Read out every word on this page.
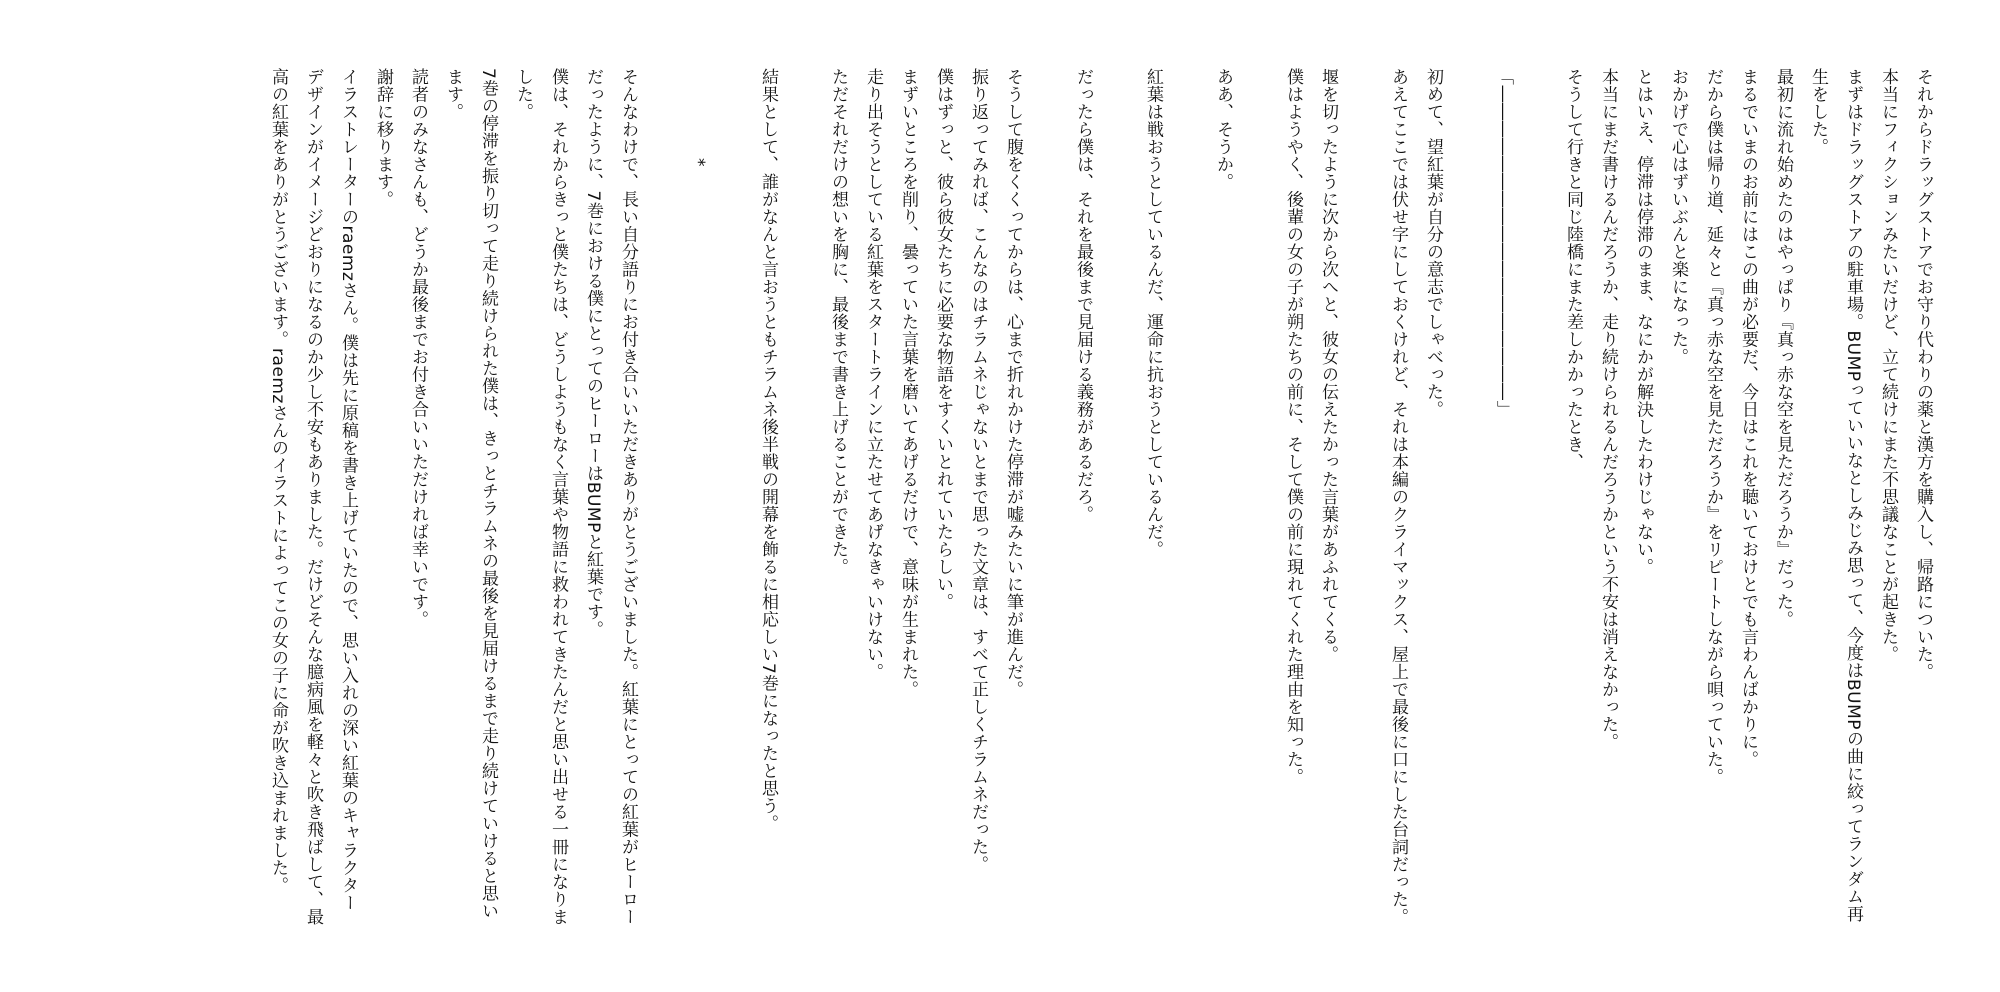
それからドラッグストアでお守り代わりの薬と漢方を購入し、帰路についた。

本当にフィクションみたいだけど、立て続けにまた不思議なことが起きた。

まずはドラッグストアの駐車場。BUMPっていいなとしみじみ思って、今度はBUMPの曲に絞ってランダム再生をした。

最初に流れ始めたのはやっぱり『真っ赤な空を見ただろうか』だった。

まるでいまのお前にはこの曲が必要だ、今日はこれを聴いておけとでも言わんばかりに。

だから僕は帰り道、延々と『真っ赤な空を見ただろうか』をリピートしながら唄っていた。

おかげで心はずいぶんと楽になった。

とはいえ、停滞は停滞のまま、なにかが解決したわけじゃない。

本当にまだ書けるんだろうか、走り続けられるんだろうかという不安は消えなかった。

そうして行きと同じ陸橋にまた差しかかったとき、

「――――――――――――――――――」

初めて、望紅葉が自分の意志でしゃべった。

あえてここでは伏せ字にしておくけれど、それは本編のクライマックス、屋上で最後に口にした台詞だった。

堰を切ったように次から次へと、彼女の伝えたかった言葉があふれてくる。

僕はようやく、後輩の女の子が朔たちの前に、そして僕の前に現れてくれた理由を知った。

ああ、そうか。

紅葉は戦おうとしているんだ、運命に抗おうとしているんだ。

だったら僕は、それを最後まで見届ける義務があるだろ。

そうして腹をくくってからは、心まで折れかけた停滞が嘘みたいに筆が進んだ。

振り返ってみれば、こんなのはチラムネじゃないとまで思った文章は、すべて正しくチラムネだった。

僕はずっと、彼ら彼女たちに必要な物語をすくいとれていたらしい。

まずいところを削り、曇っていた言葉を磨いてあげるだけで、意味が生まれた。

走り出そうとしている紅葉をスタートラインに立たせてあげなきゃいけない。

ただそれだけの想いを胸に、最後まで書き上げることができた。

結果として、誰がなんと言おうともチラムネ後半戦の開幕を飾るに相応しい7巻になったと思う。

*

そんなわけで、長い自分語りにお付き合いいただきありがとうございました。紅葉にとっての紅葉がヒーローだったように、7巻における僕にとってのヒーローはBUMPと紅葉です。

僕は、それからきっと僕たちは、どうしようもなく言葉や物語に救われてきたんだと思い出せる一冊になりました。

7巻の停滞を振り切って走り続けられた僕は、きっとチラムネの最後を見届けるまで走り続けていけると思います。

読者のみなさんも、どうか最後までお付き合いいただければ幸いです。

謝辞に移ります。

イラストレーターのraemzさん。僕は先に原稿を書き上げていたので、思い入れの深い紅葉のキャラクターデザインがイメージどおりになるのか少し不安もありました。だけどそんな臆病風を軽々と吹き飛ばして、最高の紅葉をありがとうございます。raemzさんのイラストによってこの女の子に命が吹き込まれました。
